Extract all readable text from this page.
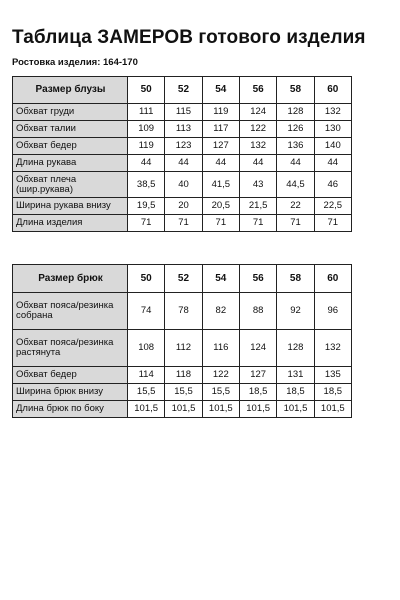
Таблица ЗАМЕРОВ готового изделия
Ростовка изделия: 164-170
Размер блузы	50	52	54	56	58	60
Обхват груди	111	115	119	124	128	132
Обхват талии	109	113	117	122	126	130
Обхват бедер	119	123	127	132	136	140
Длина рукава	44	44	44	44	44	44
Обхват плеча (шир.рукава)	38,5	40	41,5	43	44,5	46
Ширина рукава внизу	19,5	20	20,5	21,5	22	22,5
Длина изделия	71	71	71	71	71	71
Размер брюк	50	52	54	56	58	60
Обхват пояса/резинка собрана	74	78	82	88	92	96
Обхват пояса/резинка растянута	108	112	116	124	128	132
Обхват бедер	114	118	122	127	131	135
Ширина брюк внизу	15,5	15,5	15,5	18,5	18,5	18,5
Длина брюк по боку	101,5	101,5	101,5	101,5	101,5	101,5
